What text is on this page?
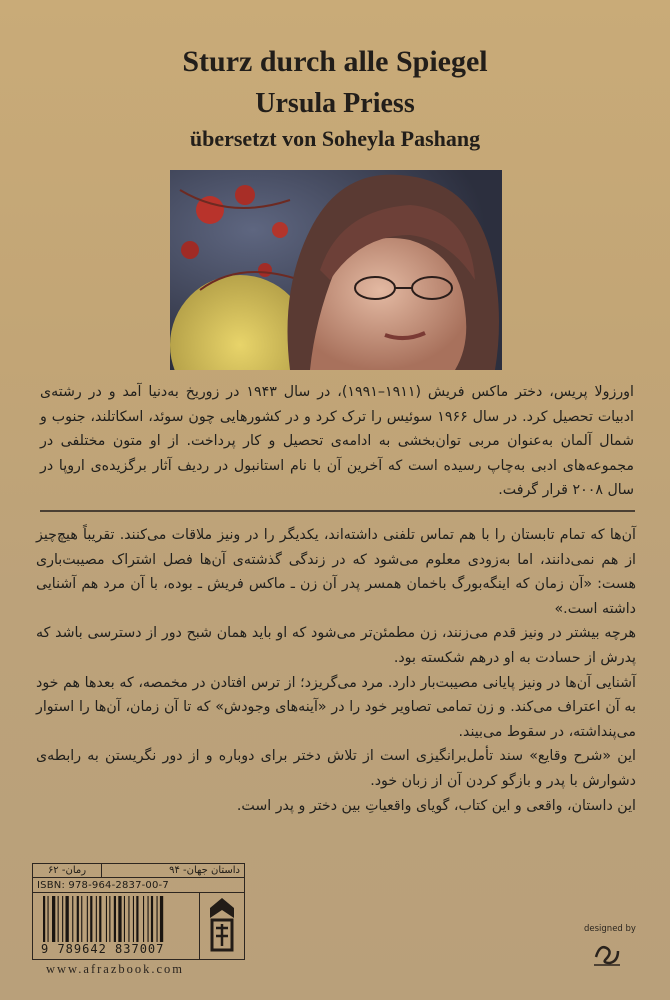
Sturz durch alle Spiegel
Ursula Priess
übersetzt von Soheyla Pashang
اورزولا پریس، دختر ماکس فریش (۱۹۱۱–۱۹۹۱)، در سال ۱۹۴۳ در زوریخ به‌دنیا آمد و در رشته‌ی ادبیات تحصیل کرد. در سال ۱۹۶۶ سوئیس را ترک کرد و در کشورهایی چون سوئد، اسکاتلند، جنوب و شمال آلمان به‌عنوان مربی توان‌بخشی به ادامه‌ی تحصیل و کار پرداخت. از او متون مختلفی در مجموعه‌های ادبی به‌چاپ رسیده است که آخرین آن با نام استانبول در ردیف آثار برگزیده‌ی اروپا در سال ۲۰۰۸ قرار گرفت.

آن‌ها که تمام تابستان را با هم تماس تلفنی داشته‌اند، یکدیگر را در ونیز ملاقات می‌کنند. تقریباً هیچ‌چیز از هم نمی‌دانند، اما به‌زودی معلوم می‌شود که در زندگی گذشته‌ی آن‌ها فصل اشتراک مصیبت‌باری هست: «آن زمان که اینگه‌بورگ باخمان همسر پدر آن زن ـ ماکس فریش ـ بوده، با آن مرد هم آشنایی داشته است.»

هرچه بیشتر در ونیز قدم می‌زنند، زن مطمئن‌تر می‌شود که او باید همان شبح دور از دسترسی باشد که پدرش از حسادت به او درهم شکسته بود.

آشنایی آن‌ها در ونیز پایانی مصیبت‌بار دارد. مرد می‌گریزد؛ از ترس افتادن در مخمصه، که بعدها هم خود به آن اعتراف می‌کند. و زن تمامی تصاویر خود را در «آینه‌های وجودش» که تا آن زمان، آن‌ها را استوار می‌پنداشته، در سقوط می‌بیند.

این «شرح وقایع» سند تأمل‌برانگیزی است از تلاش دختر برای دوباره و از دور نگریستن به رابطه‌ی دشوارش با پدر و بازگو کردن آن از زبان خود.

این داستان، واقعی و این کتاب، گویای واقعیاتِ بین دختر و پدر است.

رمان- ۶۲	داستان جهان- ۹۴

ISBN: 978-964-2837-00-7

9 789642 837007

www.afrazbook.com
designed by
